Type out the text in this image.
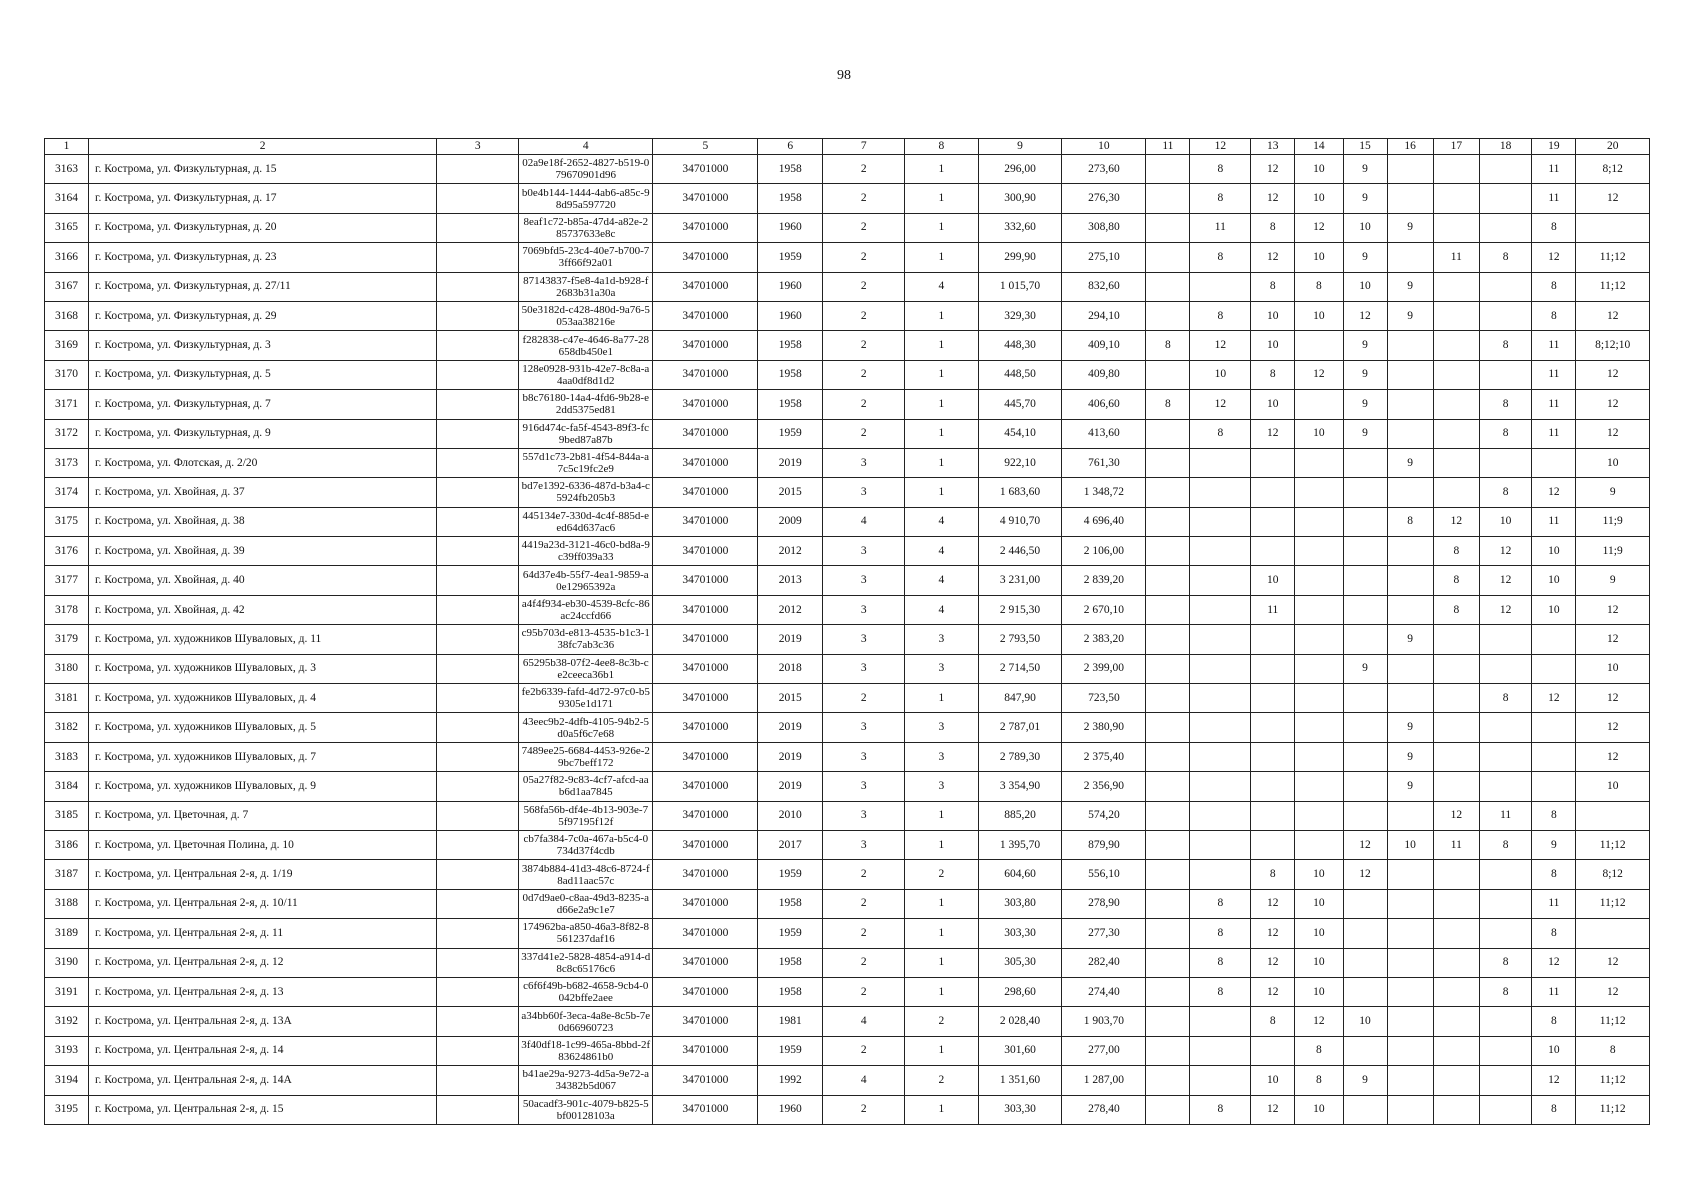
98
1	2	3	4	5	6	7	8	9	10	11	12	13	14	15	16	17	18	19	20
3163	г. Кострома, ул. Физкультурная, д. 15		02a9e18f-2652-4827-b519-079670901d96	34701000	1958	2	1	296,00	273,60		8	12	10	9				11	8;12
3164	г. Кострома, ул. Физкультурная, д. 17		b0e4b144-1444-4ab6-a85c-98d95a597720	34701000	1958	2	1	300,90	276,30		8	12	10	9				11	12
3165	г. Кострома, ул. Физкультурная, д. 20		8eaf1c72-b85a-47d4-a82e-285737633e8c	34701000	1960	2	1	332,60	308,80		11	8	12	10	9			8	
3166	г. Кострома, ул. Физкультурная, д. 23		7069bfd5-23c4-40e7-b700-73ff66f92a01	34701000	1959	2	1	299,90	275,10		8	12	10	9		11	8	12	11;12
3167	г. Кострома, ул. Физкультурная, д. 27/11		87143837-f5e8-4a1d-b928-f2683b31a30a	34701000	1960	2	4	1 015,70	832,60			8	8	10	9			8	11;12
3168	г. Кострома, ул. Физкультурная, д. 29		50e3182d-c428-480d-9a76-5053aa38216e	34701000	1960	2	1	329,30	294,10		8	10	10	12	9			8	12
3169	г. Кострома, ул. Физкультурная, д. 3		f282838-c47e-4646-8a77-28658db450e1	34701000	1958	2	1	448,30	409,10	8	12	10		9			8	11	8;12;10
3170	г. Кострома, ул. Физкультурная, д. 5		128e0928-931b-42e7-8c8a-a4aa0df8d1d2	34701000	1958	2	1	448,50	409,80		10	8	12	9				11	12
3171	г. Кострома, ул. Физкультурная, д. 7		b8c76180-14a4-4fd6-9b28-e2dd5375ed81	34701000	1958	2	1	445,70	406,60	8	12	10		9			8	11	12
3172	г. Кострома, ул. Физкультурная, д. 9		916d474c-fa5f-4543-89f3-fc9bed87a87b	34701000	1959	2	1	454,10	413,60		8	12	10	9			8	11	12
3173	г. Кострома, ул. Флотская, д. 2/20		557d1c73-2b81-4f54-844a-a7c5c19fc2e9	34701000	2019	3	1	922,10	761,30						9				10
3174	г. Кострома, ул. Хвойная, д. 37		bd7e1392-6336-487d-b3a4-c5924fb205b3	34701000	2015	3	1	1 683,60	1 348,72								8	12	9
3175	г. Кострома, ул. Хвойная, д. 38		445134e7-330d-4c4f-885d-eed64d637ac6	34701000	2009	4	4	4 910,70	4 696,40						8	12	10	11	11;9
3176	г. Кострома, ул. Хвойная, д. 39		4419a23d-3121-46c0-bd8a-9c39ff039a33	34701000	2012	3	4	2 446,50	2 106,00							8	12	10	11;9
3177	г. Кострома, ул. Хвойная, д. 40		64d37e4b-55f7-4ea1-9859-a0e12965392a	34701000	2013	3	4	3 231,00	2 839,20			10				8	12	10	9
3178	г. Кострома, ул. Хвойная, д. 42		a4f4f934-eb30-4539-8cfc-86ac24ccfd66	34701000	2012	3	4	2 915,30	2 670,10			11				8	12	10	12
3179	г. Кострома, ул. художников Шуваловых, д. 11		c95b703d-e813-4535-b1c3-138fc7ab3c36	34701000	2019	3	3	2 793,50	2 383,20						9				12
3180	г. Кострома, ул. художников Шуваловых, д. 3		65295b38-07f2-4ee8-8c3b-ce2ceeca36b1	34701000	2018	3	3	2 714,50	2 399,00					9					10
3181	г. Кострома, ул. художников Шуваловых, д. 4		fe2b6339-fafd-4d72-97c0-b59305e1d171	34701000	2015	2	1	847,90	723,50								8	12	12
3182	г. Кострома, ул. художников Шуваловых, д. 5		43eec9b2-4dfb-4105-94b2-5d0a5f6c7e68	34701000	2019	3	3	2 787,01	2 380,90						9				12
3183	г. Кострома, ул. художников Шуваловых, д. 7		7489ee25-6684-4453-926e-29bc7beff172	34701000	2019	3	3	2 789,30	2 375,40						9				12
3184	г. Кострома, ул. художников Шуваловых, д. 9		05a27f82-9c83-4cf7-afcd-aab6d1aa7845	34701000	2019	3	3	3 354,90	2 356,90						9				10
3185	г. Кострома, ул. Цветочная, д. 7		568fa56b-df4e-4b13-903e-75f97195f12f	34701000	2010	3	1	885,20	574,20							12	11	8	
3186	г. Кострома, ул. Цветочная Полина, д. 10		cb7fa384-7c0a-467a-b5c4-0734d37f4cdb	34701000	2017	3	1	1 395,70	879,90					12	10	11	8	9	11;12
3187	г. Кострома, ул. Центральная 2-я, д. 1/19		3874b884-41d3-48c6-8724-f8ad11aac57c	34701000	1959	2	2	604,60	556,10			8	10	12				8	8;12
3188	г. Кострома, ул. Центральная 2-я, д. 10/11		0d7d9ae0-c8aa-49d3-8235-ad66e2a9c1e7	34701000	1958	2	1	303,80	278,90		8	12	10					11	11;12
3189	г. Кострома, ул. Центральная 2-я, д. 11		174962ba-a850-46a3-8f82-8561237daf16	34701000	1959	2	1	303,30	277,30		8	12	10					8	
3190	г. Кострома, ул. Центральная 2-я, д. 12		337d41e2-5828-4854-a914-d8c8c65176c6	34701000	1958	2	1	305,30	282,40		8	12	10				8	12	12
3191	г. Кострома, ул. Центральная 2-я, д. 13		c6f6f49b-b682-4658-9cb4-0042bffe2aee	34701000	1958	2	1	298,60	274,40		8	12	10				8	11	12
3192	г. Кострома, ул. Центральная 2-я, д. 13А		a34bb60f-3eca-4a8e-8c5b-7e0d66960723	34701000	1981	4	2	2 028,40	1 903,70			8	12	10				8	11;12
3193	г. Кострома, ул. Центральная 2-я, д. 14		3f40df18-1c99-465a-8bbd-2f83624861b0	34701000	1959	2	1	301,60	277,00				8					10	8
3194	г. Кострома, ул. Центральная 2-я, д. 14А		b41ae29a-9273-4d5a-9e72-a34382b5d067	34701000	1992	4	2	1 351,60	1 287,00			10	8	9				12	11;12
3195	г. Кострома, ул. Центральная 2-я, д. 15		50acadf3-901c-4079-b825-5bf00128103a	34701000	1960	2	1	303,30	278,40		8	12	10					8	11;12
